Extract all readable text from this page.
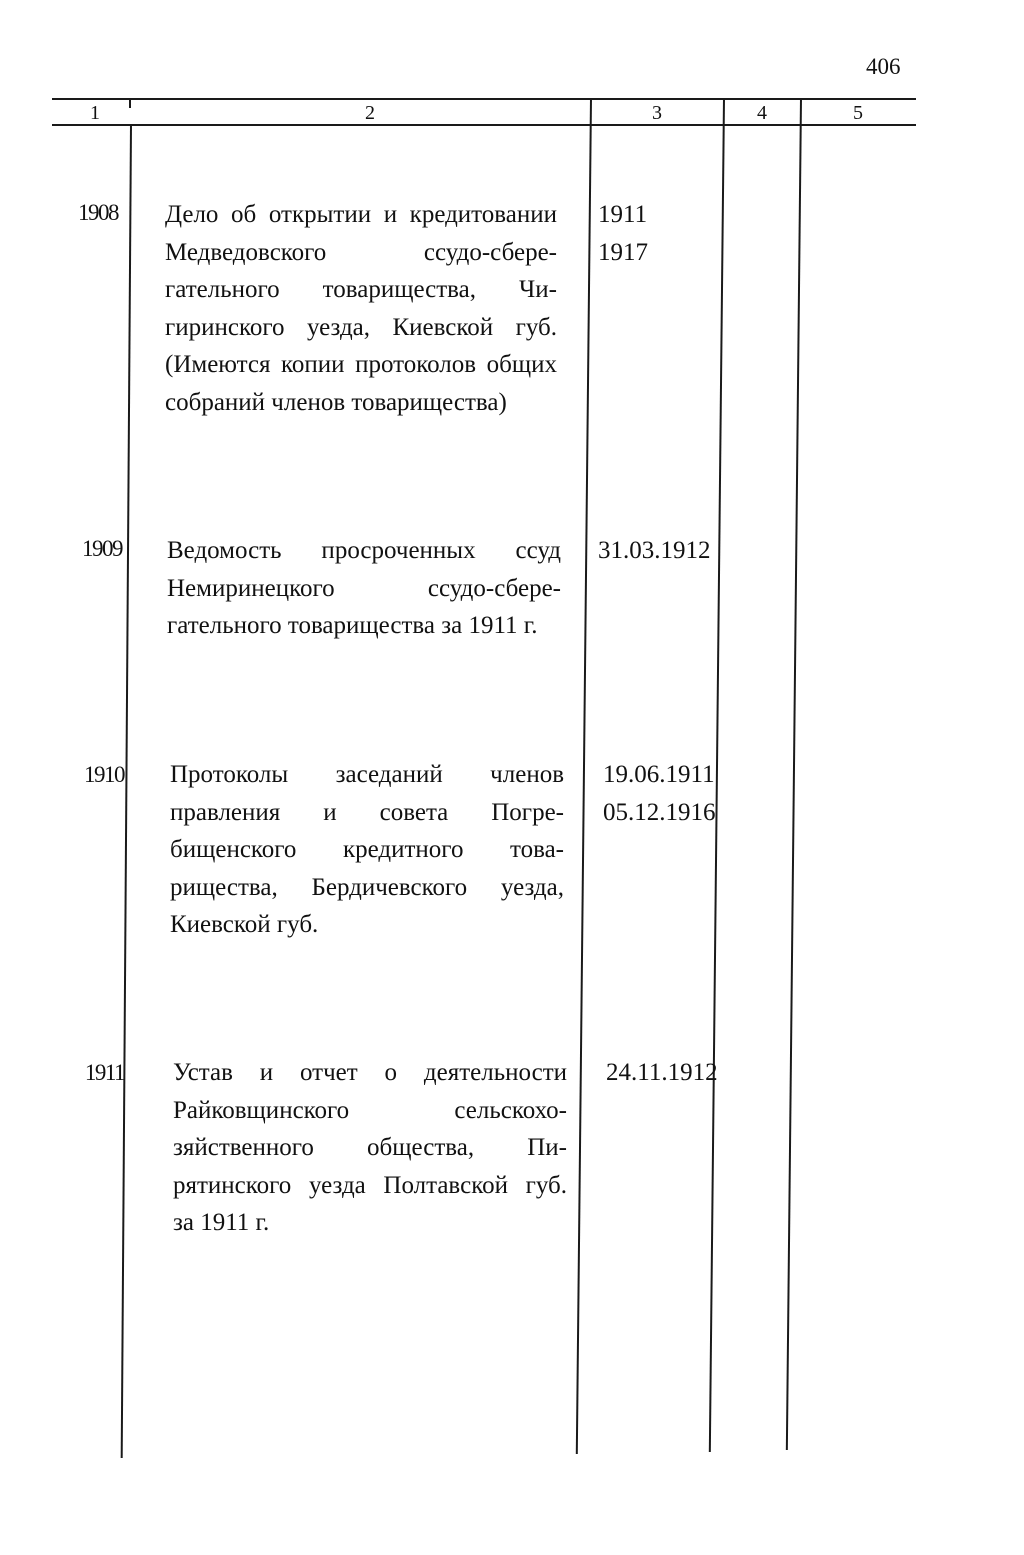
406
1	2	3	4	5
1908 Дело об открытии и кредитовании
Медведовского ссудо-сбере-
гательного товарищества, Чи-
гиринского уезда, Киевской губ.
(Имеются копии протоколов общих
собраний членов товарищества)
1911
1917
1909 Ведомость просроченных ссуд
Немиринецкого ссудо-сбере-
гательного товарищества за 1911 г.
31.03.1912
1910 Протоколы заседаний членов
правления и совета Погре-
бищенского кредитного това-
рищества, Бердичевского уезда,
Киевской губ.
19.06.1911
05.12.1916
1911 Устав и отчет о деятельности
Райковщинского сельскохо-
зяйственного общества, Пи-
рятинского уезда Полтавской губ.
за 1911 г.
24.11.1912
